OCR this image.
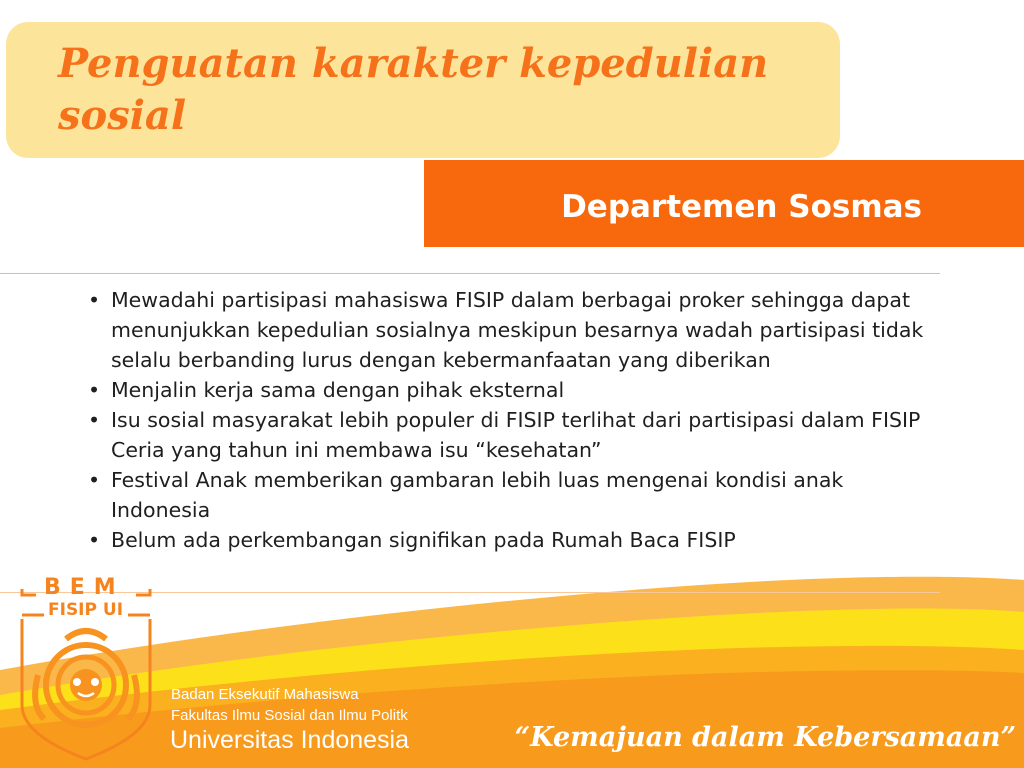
Penguatan karakter kepedulian sosial
Departemen Sosmas
• Mewadahi partisipasi mahasiswa FISIP dalam berbagai proker sehingga dapat menunjukkan kepedulian sosialnya meskipun besarnya wadah partisipasi tidak selalu berbanding lurus dengan kebermanfaatan yang diberikan
• Menjalin kerja sama dengan pihak eksternal
• Isu sosial masyarakat lebih populer di FISIP terlihat dari partisipasi dalam FISIP Ceria yang tahun ini membawa isu “kesehatan”
• Festival Anak memberikan gambaran lebih luas mengenai kondisi anak Indonesia
• Belum ada perkembangan signifikan pada Rumah Baca FISIP
BEM
FISIP UI
Badan Eksekutif Mahasiswa
Fakultas Ilmu Sosial dan Ilmu Politk
Universitas Indonesia	“Kemajuan dalam Kebersamaan”
